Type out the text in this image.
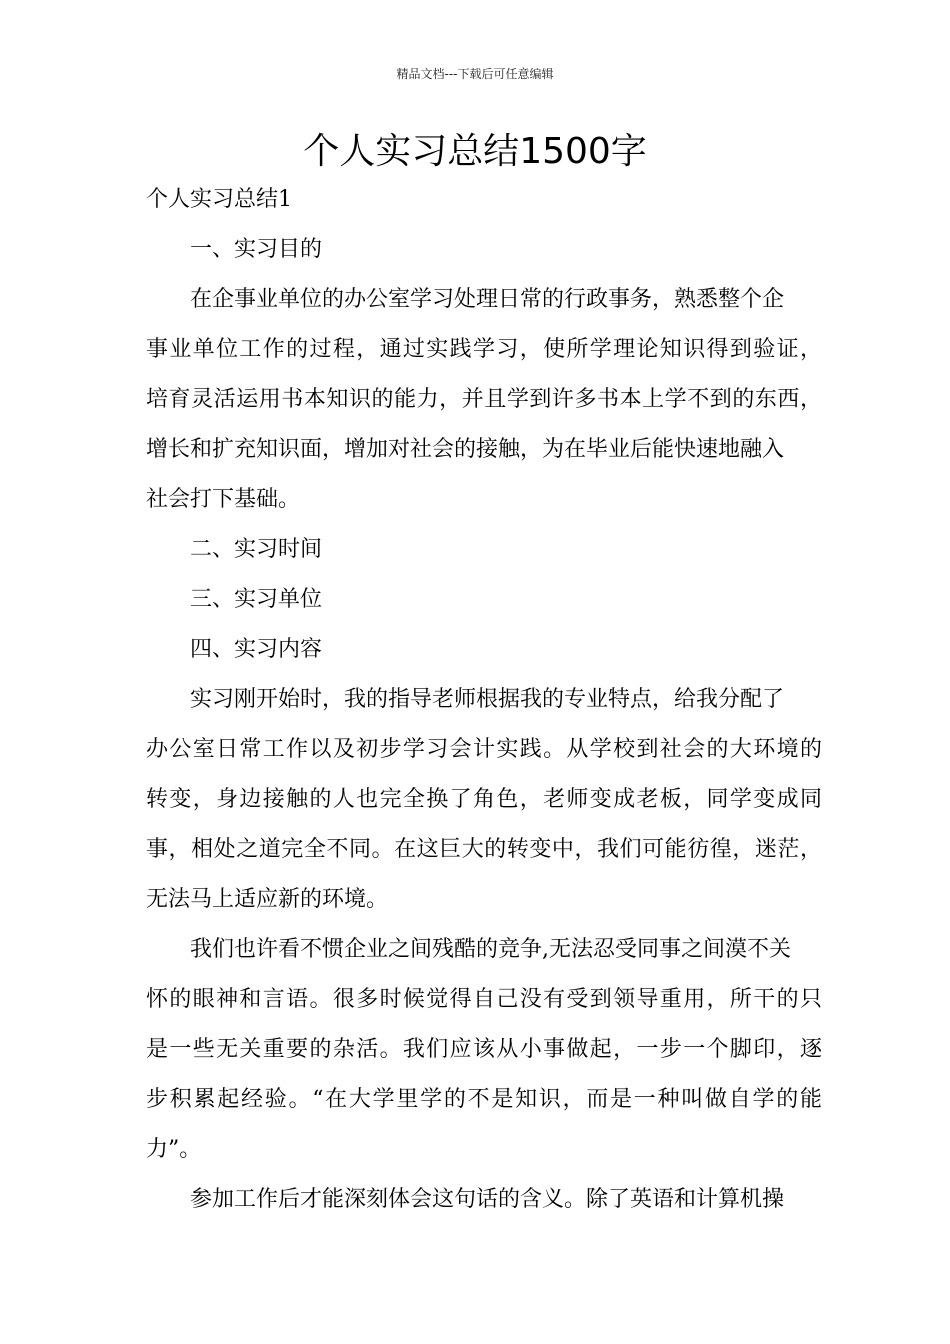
精品文档---下载后可任意编辑
个人实习总结1500字
个人实习总结1
一、实习目的
在企事业单位的办公室学习处理日常的行政事务，熟悉整个企
事业单位工作的过程，通过实践学习，使所学理论知识得到验证，
培育灵活运用书本知识的能力，并且学到许多书本上学不到的东西，
增长和扩充知识面，增加对社会的接触，为在毕业后能快速地融入
社会打下基础。
二、实习时间
三、实习单位
四、实习内容
实习刚开始时，我的指导老师根据我的专业特点，给我分配了
办公室日常工作以及初步学习会计实践。从学校到社会的大环境的
转变，身边接触的人也完全换了角色，老师变成老板，同学变成同
事，相处之道完全不同。在这巨大的转变中，我们可能彷徨，迷茫，
无法马上适应新的环境。
我们也许看不惯企业之间残酷的竞争,无法忍受同事之间漠不关
怀的眼神和言语。很多时候觉得自己没有受到领导重用，所干的只
是一些无关重要的杂活。我们应该从小事做起，一步一个脚印，逐
步积累起经验。“在大学里学的不是知识，而是一种叫做自学的能
力”。
参加工作后才能深刻体会这句话的含义。除了英语和计算机操
